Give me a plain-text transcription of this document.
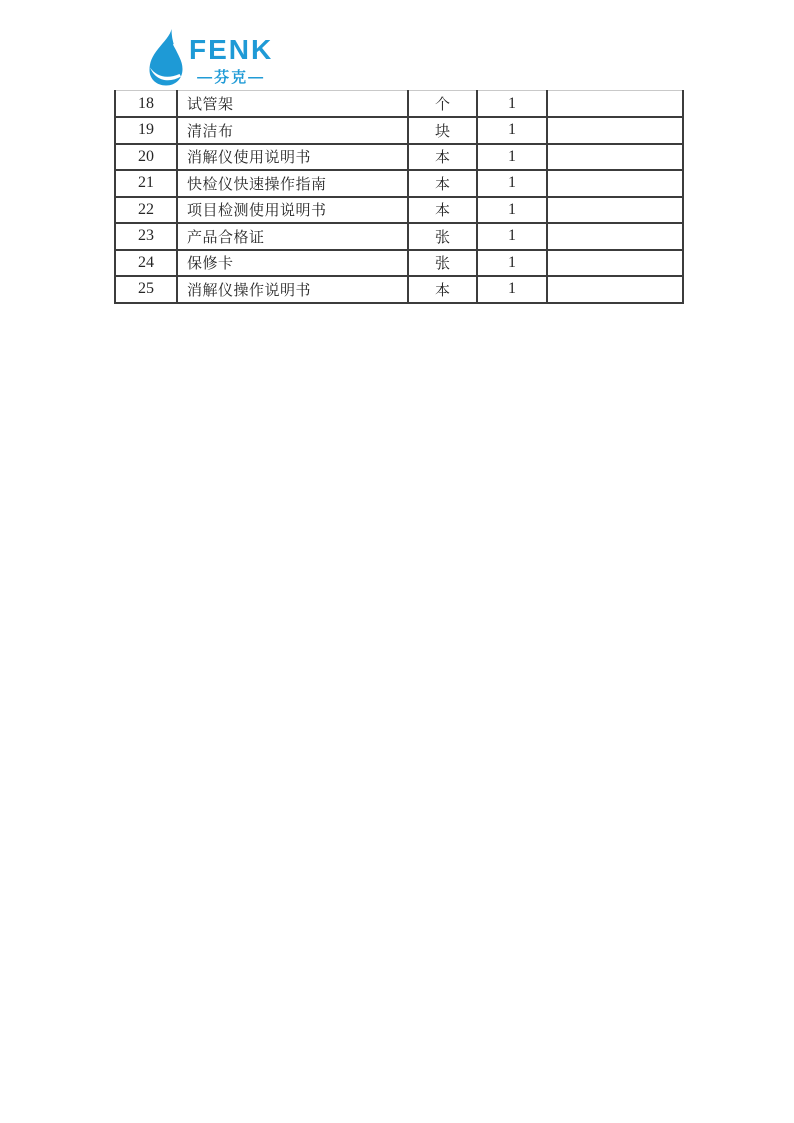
FENK
—芬克—
18	试管架	个	1	
19	清洁布	块	1	
20	消解仪使用说明书	本	1	
21	快检仪快速操作指南	本	1	
22	项目检测使用说明书	本	1	
23	产品合格证	张	1	
24	保修卡	张	1	
25	消解仪操作说明书	本	1	
